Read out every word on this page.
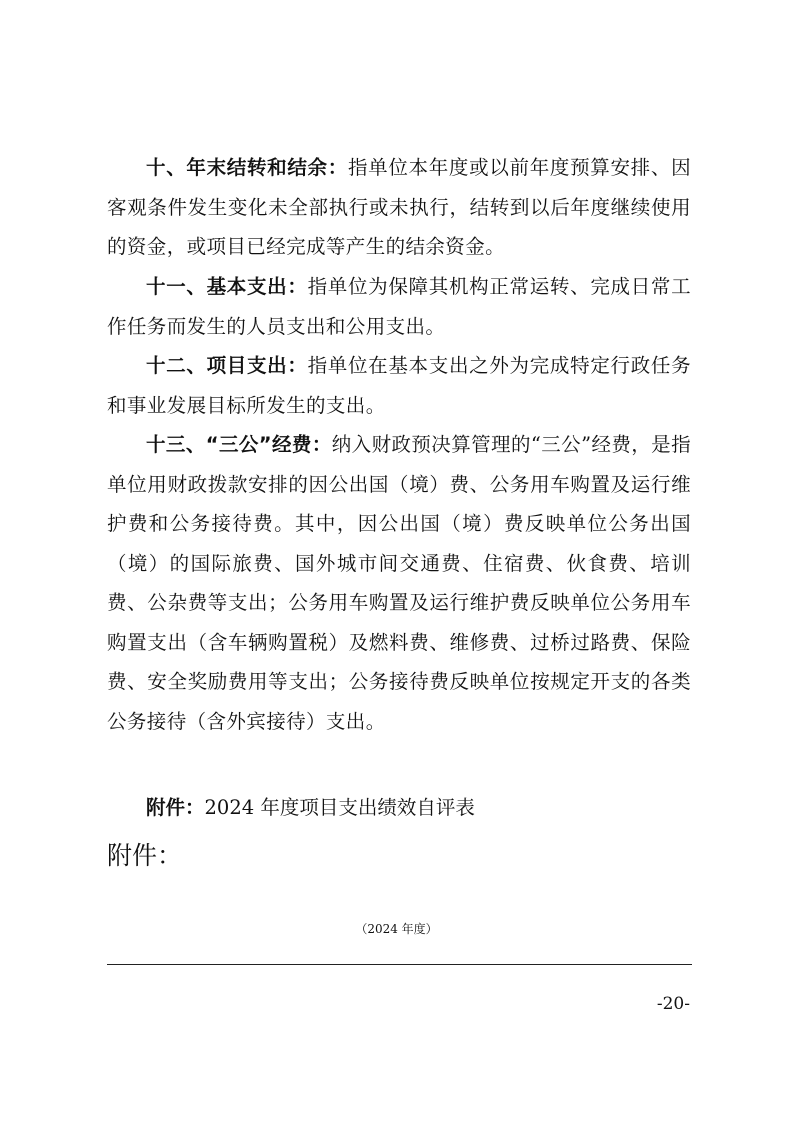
十、年末结转和结余：指单位本年度或以前年度预算安排、因客观条件发生变化未全部执行或未执行，结转到以后年度继续使用的资金，或项目已经完成等产生的结余资金。

十一、基本支出：指单位为保障其机构正常运转、完成日常工作任务而发生的人员支出和公用支出。

十二、项目支出：指单位在基本支出之外为完成特定行政任务和事业发展目标所发生的支出。

十三、“三公”经费：纳入财政预决算管理的“三公”经费，是指单位用财政拨款安排的因公出国（境）费、公务用车购置及运行维护费和公务接待费。其中，因公出国（境）费反映单位公务出国（境）的国际旅费、国外城市间交通费、住宿费、伙食费、培训费、公杂费等支出；公务用车购置及运行维护费反映单位公务用车购置支出（含车辆购置税）及燃料费、维修费、过桥过路费、保险费、安全奖励费用等支出；公务接待费反映单位按规定开支的各类公务接待（含外宾接待）支出。

附件：2024 年度项目支出绩效自评表

附件：

（2024 年度）

-20-
